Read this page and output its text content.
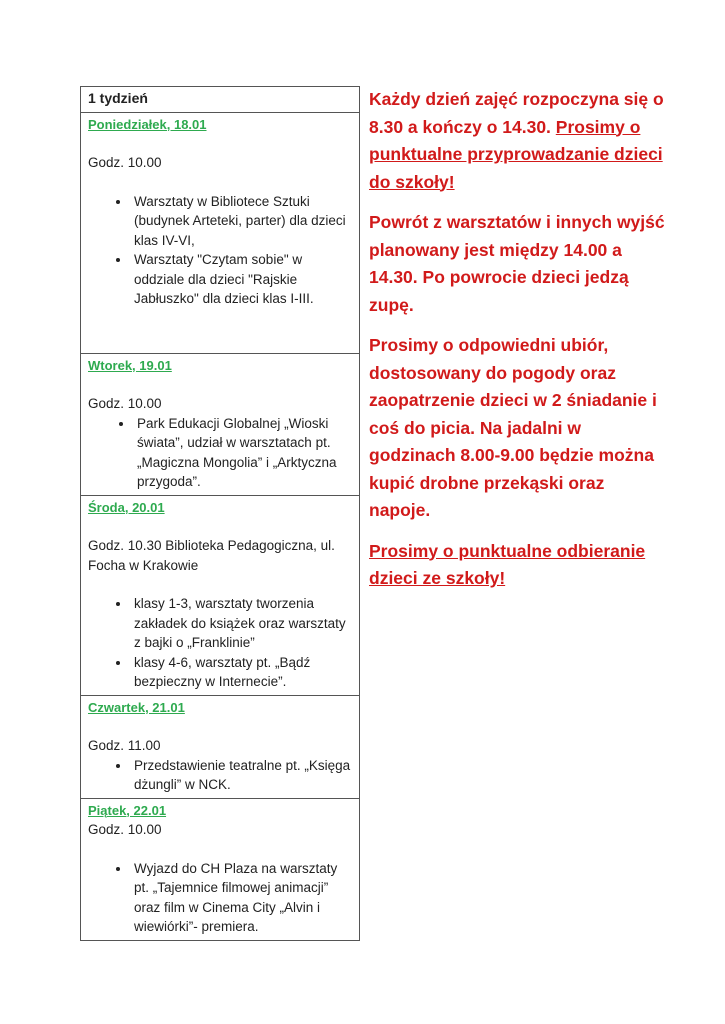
1 tydzień

Poniedziałek, 18.01

Godz. 10.00

• Warsztaty w Bibliotece Sztuki (budynek Arteteki, parter) dla dzieci klas IV-VI,
• Warsztaty "Czytam sobie" w oddziale dla dzieci "Rajskie Jabłuszko" dla dzieci klas I-III.

Wtorek, 19.01

Godz. 10.00

• Park Edukacji Globalnej „Wioski świata”, udział w warsztatach pt. „Magiczna Mongolia” i „Arktyczna przygoda”.

Środa, 20.01

Godz. 10.30 Biblioteka Pedagogiczna, ul. Focha w Krakowie

• klasy 1-3, warsztaty tworzenia zakładek do książek oraz warsztaty z bajki o „Franklinie”
• klasy 4-6, warsztaty pt. „Bądź bezpieczny w Internecie”.

Czwartek, 21.01

Godz. 11.00

• Przedstawienie teatralne pt. „Księga dżungli” w NCK.

Piątek, 22.01

Godz. 10.00

• Wyjazd do CH Plaza na warsztaty pt. „Tajemnice filmowej animacji” oraz film w Cinema City „Alvin i wiewiórki”- premiera.

Każdy dzień zajęć rozpoczyna się o 8.30 a kończy o 14.30. Prosimy o punktualne przyprowadzanie dzieci do szkoły!

Powrót z warsztatów i innych wyjść planowany jest między 14.00 a 14.30. Po powrocie dzieci jedzą zupę.

Prosimy o odpowiedni ubiór, dostosowany do pogody oraz zaopatrzenie dzieci w 2 śniadanie i coś do picia. Na jadalni w godzinach 8.00-9.00 będzie można kupić drobne przekąski oraz napoje.

Prosimy o punktualne odbieranie dzieci ze szkoły!
